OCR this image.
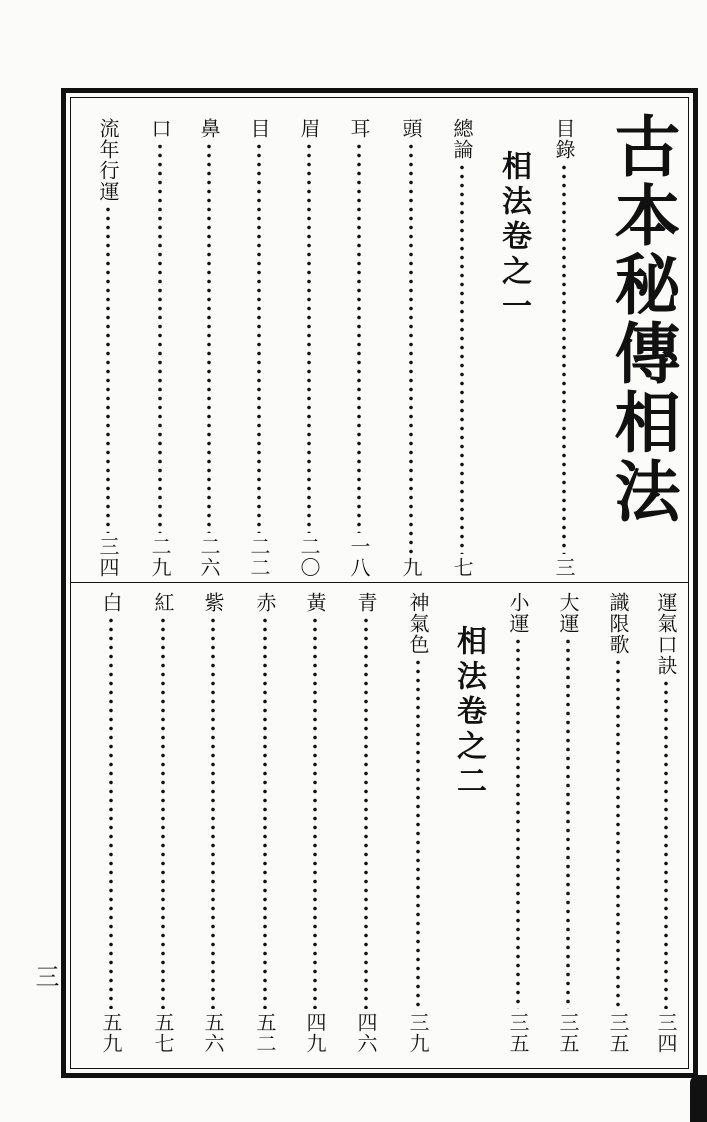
古本秘傳相法
相法卷之一
相法卷之二
目錄
三
總論
七
頭
九
耳
一八
眉
二〇
目
二二
鼻
二六
口
二九
流年行運
三四
運氣口訣
三四
識限歌
三五
大運
三五
小運
三五
神氣色
三九
青
四六
黃
四九
赤
五二
紫
五六
紅
五七
白
五九
三
